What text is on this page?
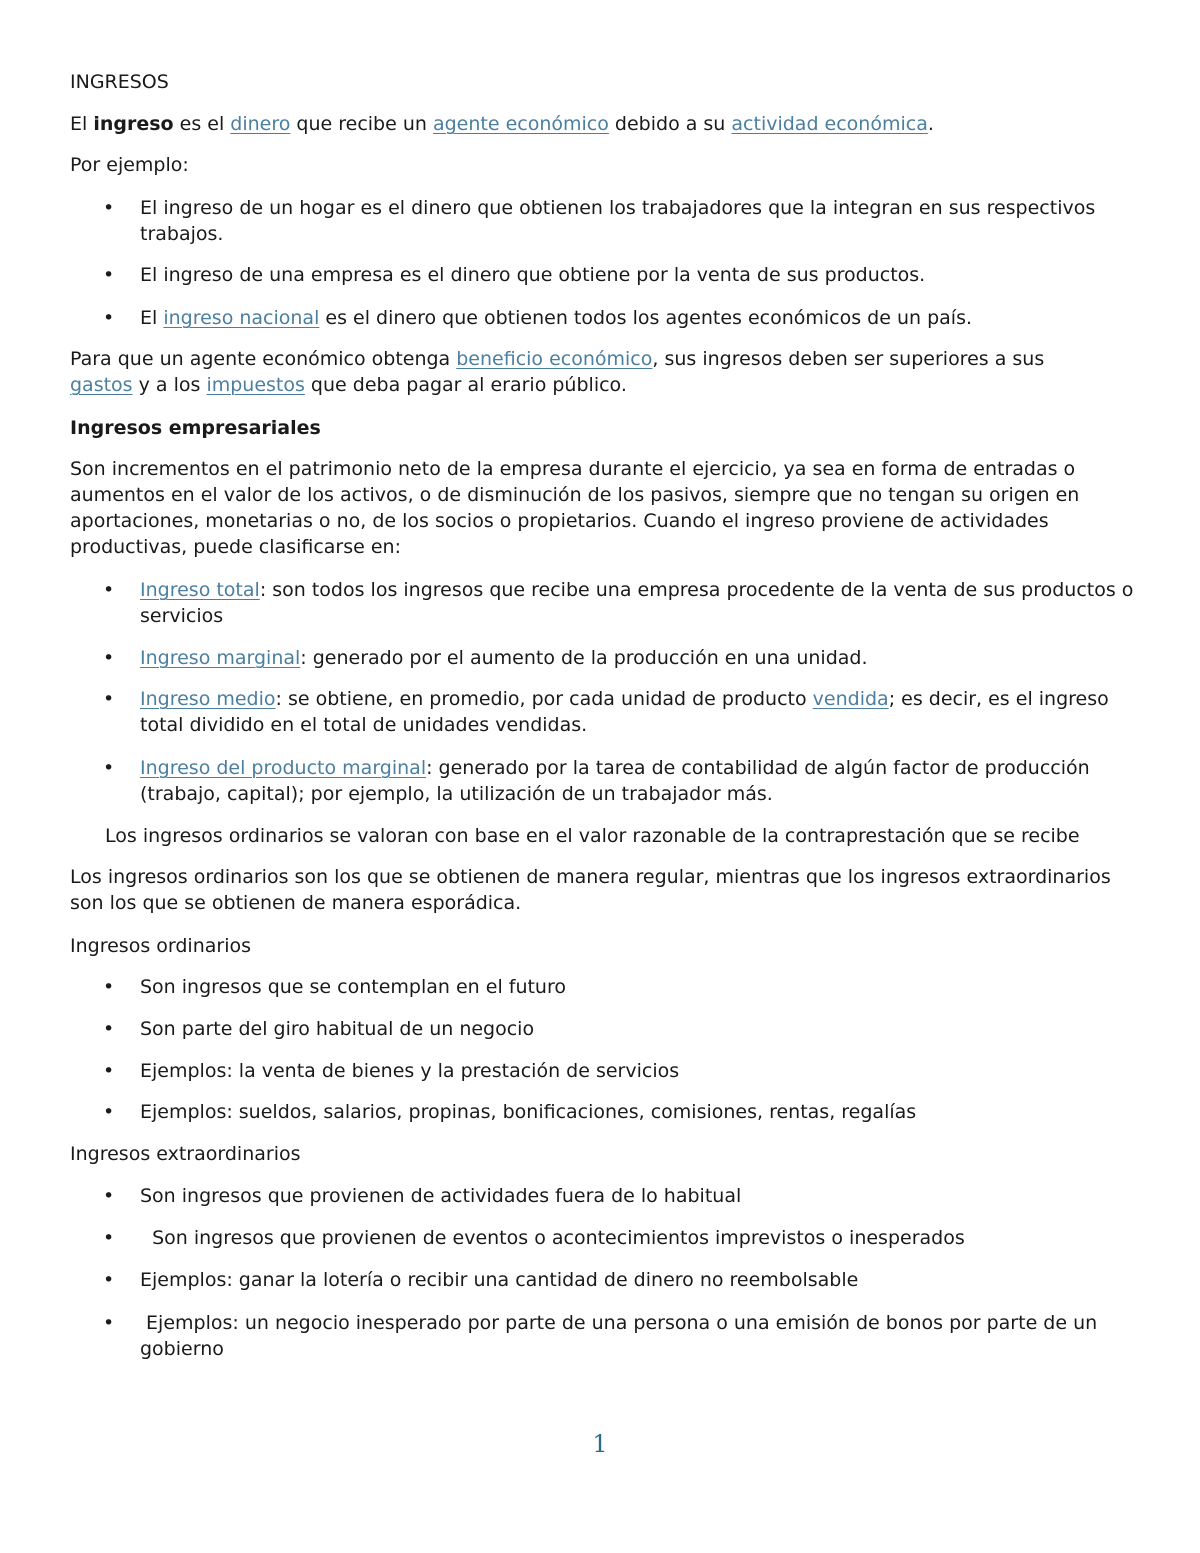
INGRESOS
El ingreso es el dinero que recibe un agente económico debido a su actividad económica.
Por ejemplo:
• El ingreso de un hogar es el dinero que obtienen los trabajadores que la integran en sus respectivos trabajos.
• El ingreso de una empresa es el dinero que obtiene por la venta de sus productos.
• El ingreso nacional es el dinero que obtienen todos los agentes económicos de un país.
Para que un agente económico obtenga beneficio económico, sus ingresos deben ser superiores a sus
gastos y a los impuestos que deba pagar al erario público.
Ingresos empresariales
Son incrementos en el patrimonio neto de la empresa durante el ejercicio, ya sea en forma de entradas o aumentos en el valor de los activos, o de disminución de los pasivos, siempre que no tengan su origen en aportaciones, monetarias o no, de los socios o propietarios. Cuando el ingreso proviene de actividades productivas, puede clasificarse en:
• Ingreso total: son todos los ingresos que recibe una empresa procedente de la venta de sus productos o servicios
• Ingreso marginal: generado por el aumento de la producción en una unidad.
• Ingreso medio: se obtiene, en promedio, por cada unidad de producto vendida; es decir, es el ingreso total dividido en el total de unidades vendidas.
• Ingreso del producto marginal: generado por la tarea de contabilidad de algún factor de producción (trabajo, capital); por ejemplo, la utilización de un trabajador más.
Los ingresos ordinarios se valoran con base en el valor razonable de la contraprestación que se recibe
Los ingresos ordinarios son los que se obtienen de manera regular, mientras que los ingresos extraordinarios son los que se obtienen de manera esporádica.
Ingresos ordinarios
• Son ingresos que se contemplan en el futuro
• Son parte del giro habitual de un negocio
• Ejemplos: la venta de bienes y la prestación de servicios
• Ejemplos: sueldos, salarios, propinas, bonificaciones, comisiones, rentas, regalías
Ingresos extraordinarios
• Son ingresos que provienen de actividades fuera de lo habitual
• Son ingresos que provienen de eventos o acontecimientos imprevistos o inesperados
• Ejemplos: ganar la lotería o recibir una cantidad de dinero no reembolsable
• Ejemplos: un negocio inesperado por parte de una persona o una emisión de bonos por parte de un gobierno
1
